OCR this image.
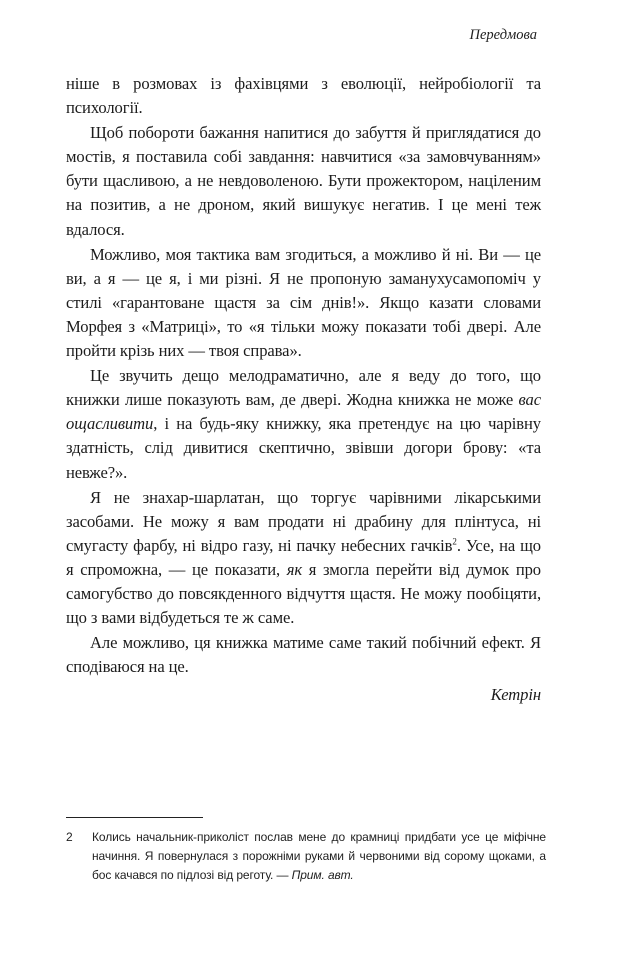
Передмова

ніше в розмовах із фахівцями з еволюції, нейробіології та психології.

Щоб побороти бажання напитися до забуття й приглядатися до мостів, я поставила собі завдання: навчитися «за замовчуванням» бути щасливою, а не невдоволеною. Бути прожектором, націленим на позитив, а не дроном, який вишукує негатив. І це мені теж вдалося.

Можливо, моя тактика вам згодиться, а можливо й ні. Ви — це ви, а я — це я, і ми різні. Я не пропоную заманухусамопоміч у стилі «гарантоване щастя за сім днів!». Якщо казати словами Морфея з «Матриці», то «я тільки можу показати тобі двері. Але пройти крізь них — твоя справа».

Це звучить дещо мелодраматично, але я веду до того, що книжки лише показують вам, де двері. Жодна книжка не може вас ощасливити, і на будь-яку книжку, яка претендує на цю чарівну здатність, слід дивитися скептично, звівши догори брову: «та невже?».

Я не знахар-шарлатан, що торгує чарівними лікарськими засобами. Не можу я вам продати ні драбину для плінтуса, ні смугасту фарбу, ні відро газу, ні пачку небесних гачків$^2$. Усе, на що я спроможна, — це показати, як я змогла перейти від думок про самогубство до повсякденного відчуття щастя. Не можу пообіцяти, що з вами відбудеться те ж саме.

Але можливо, ця книжка матиме саме такий побічний ефект. Я сподіваюся на це.

Кетрін

2 Колись начальник-приколіст послав мене до крамниці придбати усе це міфічне начиння. Я повернулася з порожніми руками й червоними від сорому щоками, а бос качався по підлозі від реготу. — Прим. авт.
